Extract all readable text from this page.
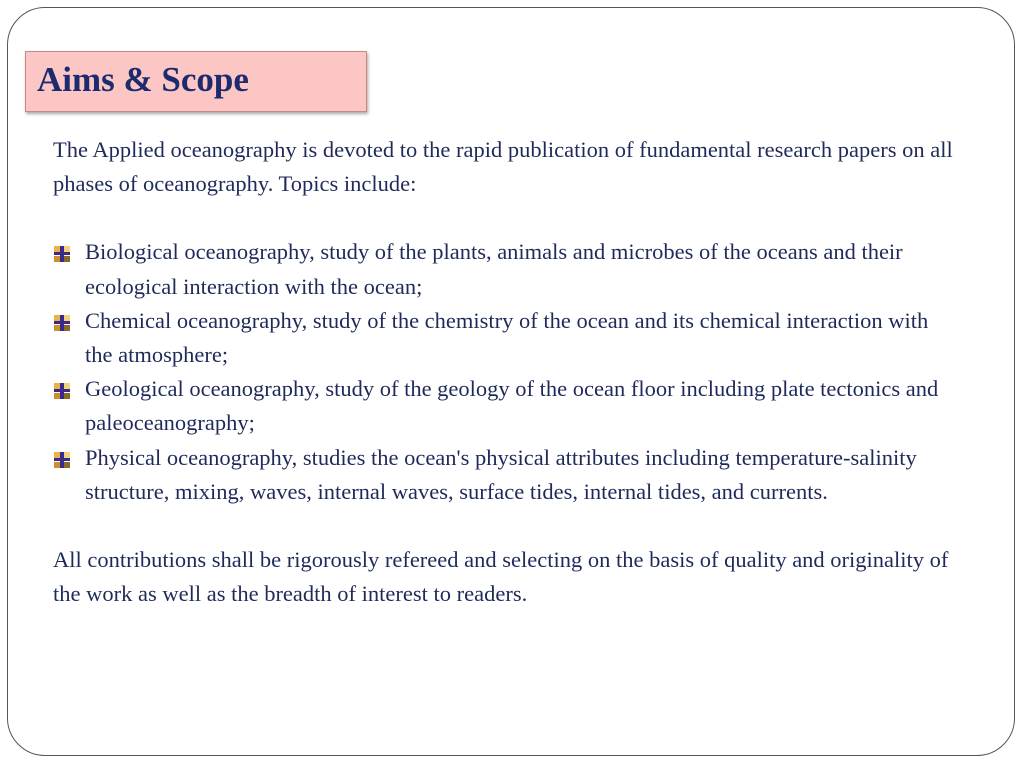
Aims & Scope

The Applied oceanography is devoted to the rapid publication of fundamental research papers on all phases of oceanography. Topics include:

Biological oceanography, study of the plants, animals and microbes of the oceans and their ecological interaction with the ocean;
Chemical oceanography, study of the chemistry of the ocean and its chemical interaction with the atmosphere;
Geological oceanography, study of the geology of the ocean floor including plate tectonics and paleoceanography;
Physical oceanography, studies the ocean's physical attributes including temperature-salinity structure, mixing, waves, internal waves, surface tides, internal tides, and currents.

All contributions shall be rigorously refereed and selecting on the basis of quality and originality of the work as well as the breadth of interest to readers.
